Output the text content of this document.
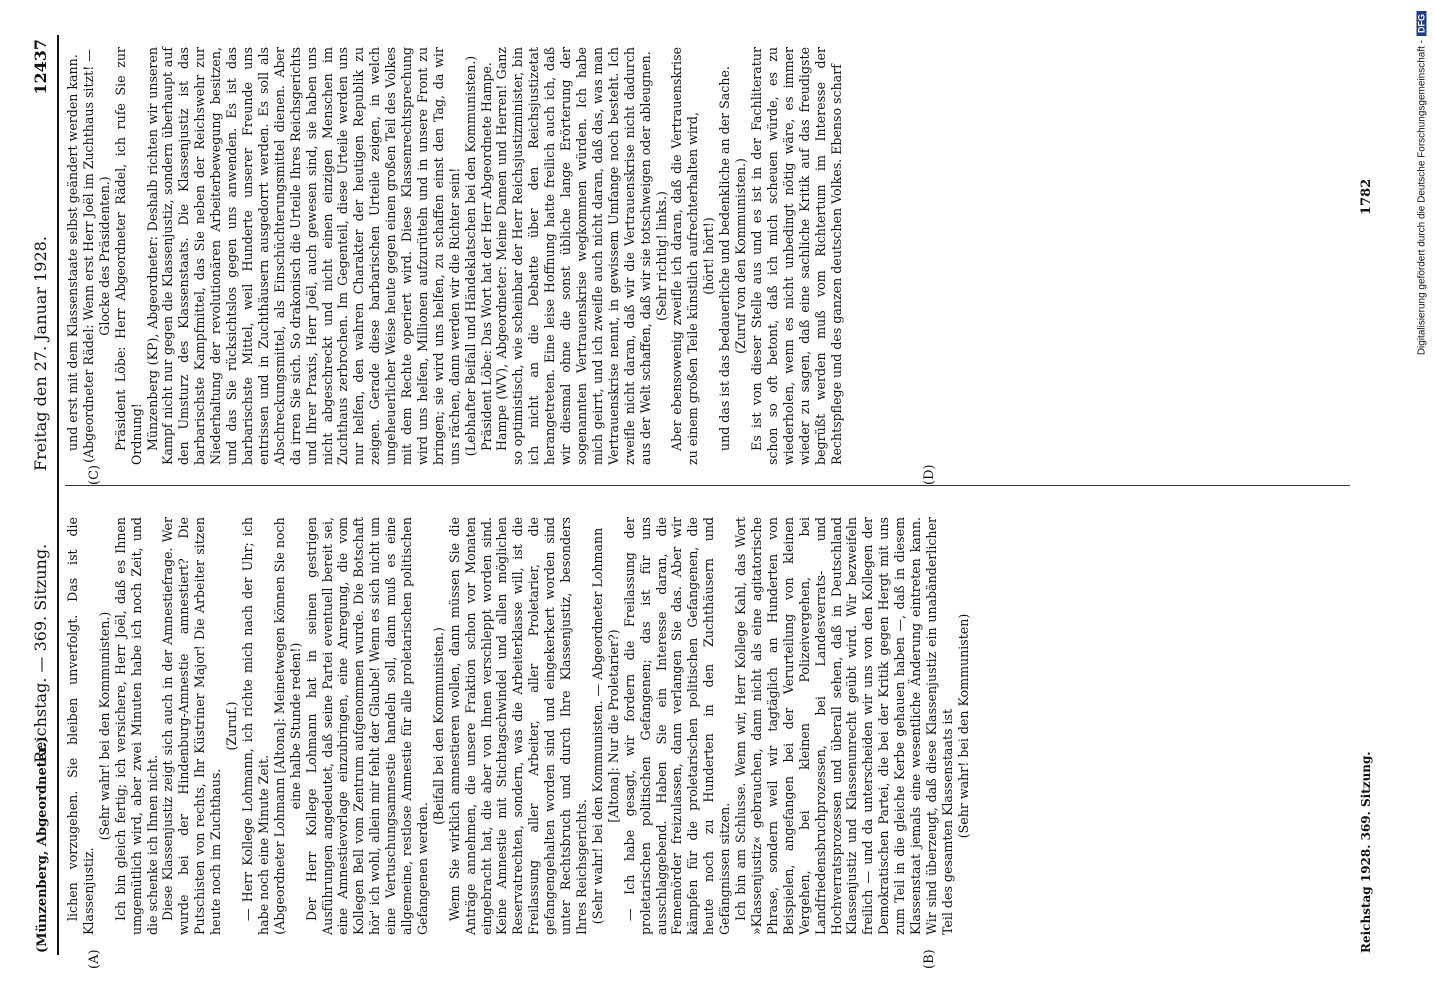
(Münzenberg, Abgeordneter.)
Reichstag. — 369. Sitzung.
Freitag den 27. Januar 1928.
12437
(A)	(B)
(C)	(D)

lichen vorzugehen. Sie bleiben unverfolgt. Das ist die Klassenjustiz.

(Sehr wahr! bei den Kommunisten.) Ich bin gleich fertig; ich versichere, Herr Joël, daß es Ihnen umgemütlich wird, aber zwei Minuten habe ich noch Zeit, und die schenke ich Ihnen nicht. Diese Klassenjustiz zeigt sich auch in der Amnestiefrage. Wer wurde bei der Hindenburg-Amnestie amnestiert? Die Putschisten von rechts, Ihr Küstriner Major! Die Arbeiter sitzen heute noch im Zuchthaus.

(Zuruf.) — Herr Kollege Lohmann, ich richte mich nach der Uhr; ich habe noch eine Minute Zeit. (Abgeordneter Lohmann [Altona]: Meinetwegen können Sie noch eine halbe Stunde reden!) Der Herr Kollege Lohmann hat in seinen gestrigen Ausführungen angedeutet, daß seine Partei eventuell bereit sei, eine Amnestievorlage einzubringen, eine Anregung, die vom Kollegen Bell vom Zentrum aufgenommen wurde. Die Botschaft hör' ich wohl, allein mir fehlt der Glaube! Wenn es sich nicht um eine Vertuschungsamnestie handeln soll, dann muß es eine allgemeine, restlose Amnestie für alle proletarischen politischen Gefangenen werden.

(Beifall bei den Kommunisten.) Wenn Sie wirklich amnestieren wollen, dann müssen Sie die Anträge annehmen, die unsere Fraktion schon vor Monaten eingebracht hat, die aber von Ihnen verschleppt worden sind. Keine Amnestie mit Stichtagschwindel und allen möglichen Reservatrechten, sondern, was die Arbeiterklasse will, ist die Freilassung aller Arbeiter, aller Proletarier, die gefangengehalten worden sind und eingekerkert worden sind unter Rechtsbruch und durch Ihre Klassenjustiz, besonders Ihres Reichsgerichts. (Sehr wahr! bei den Kommunisten. — Abgeordneter Lohmann [Altona]: Nur die Proletarier?) — Ich habe gesagt, wir fordern die Freilassung der proletarischen politischen Gefangenen; das ist für uns ausschlaggebend. Haben Sie ein Interesse daran, die Fememörder freizulassen, dann verlangen Sie das. Aber wir kämpfen für die proletarischen politischen Gefangenen, die heute noch zu Hunderten in den Zuchthäusern und Gefängnissen sitzen. Ich bin am Schlusse. Wenn wir, Herr Kollege Kahl, das Wort »Klassenjustiz« gebrauchen, dann nicht als eine agitatorische Phrase, sondern weil wir tagtäglich an Hunderten von Beispielen, angefangen bei der Verurteilung von kleinen Vergehen, bei kleinen Polizeivergehen, bei Landfriedensbruchprozessen, bei Landesverrats- und Hochverratsprozessen und überall sehen, daß in Deutschland Klassenjustiz und Klassenunrecht geübt wird. Wir bezweifeln freilich — und da unterscheiden wir uns von den Kollegen der Demokratischen Partei, die bei der Kritik gegen Hergt mit uns zum Teil in die gleiche Kerbe gehauen haben —, daß in diesem Klassenstaat jemals eine wesentliche Änderung eintreten kann. Wir sind überzeugt, daß diese Klassenjustiz ein unabänderlicher Teil des gesamten Klassenstaats ist (Sehr wahr! bei den Kommunisten)

und erst mit dem Klassenstaate selbst geändert werden kann. (Abgeordneter Rädel: Wenn erst Herr Joël im Zuchthaus sitzt! — Glocke des Präsidenten.) Präsident Löbe: Herr Abgeordneter Rädel, ich rufe Sie zur Ordnung! Münzenberg (KP), Abgeordneter: Deshalb richten wir unseren Kampf nicht nur gegen die Klassenjustiz, sondern überhaupt auf den Umsturz des Klassenstaats. Die Klassenjustiz ist das barbarischste Kampfmittel, das Sie neben der Reichswehr zur Niederhaltung der revolutionären Arbeiterbewegung besitzen, und das Sie rücksichtslos gegen uns anwenden. Es ist das barbarischste Mittel, weil Hunderte unserer Freunde uns entrissen und in Zuchthäusern ausgedorrt werden. Es soll als Abschreckungsmittel, als Einschüchterungsmittel dienen. Aber da irren Sie sich. So drakonisch die Urteile Ihres Reichsgerichts und Ihrer Praxis, Herr Joël, auch gewesen sind, sie haben uns nicht abgeschreckt und nicht einen einzigen Menschen im Zuchthaus zerbrochen. Im Gegenteil, diese Urteile werden uns nur helfen, den wahren Charakter der heutigen Republik zu zeigen. Gerade diese barbarischen Urteile zeigen, in welch ungeheuerlicher Weise heute gegen einen großen Teil des Volkes mit dem Rechte operiert wird. Diese Klassenrechtsprechung wird uns helfen, Millionen aufzurütteln und in unsere Front zu bringen; sie wird uns helfen, zu schaffen einst den Tag, da wir uns rächen, dann werden wir die Richter sein! (Lebhafter Beifall und Händeklatschen bei den Kommunisten.) Präsident Löbe: Das Wort hat der Herr Abgeordnete Hampe. Hampe (WV), Abgeordneter: Meine Damen und Herren! Ganz so optimistisch, wie scheinbar der Herr Reichsjustizminister, bin ich nicht an die Debatte über den Reichsjustizetat herangetreten. Eine leise Hoffnung hatte freilich auch ich, daß wir diesmal ohne die sonst übliche lange Erörterung der sogenannten Vertrauenskrise wegkommen würden. Ich habe mich geirrt, und ich zweifle auch nicht daran, daß das, was man Vertrauenskrise nennt, in gewissem Umfange noch besteht. Ich zweifle nicht daran, daß wir die Vertrauenskrise nicht dadurch aus der Welt schaffen, daß wir sie totschweigen oder ableugnen. (Sehr richtig! links.) Aber ebensowenig zweifle ich daran, daß die Vertrauenskrise zu einem großen Teile künstlich aufrechterhalten wird, (hört! hört!) und das ist das bedauerliche und bedenkliche an der Sache. (Zuruf von den Kommunisten.) Es ist von dieser Stelle aus und es ist in der Fachliteratur schon so oft betont, daß ich mich scheuen würde, es zu wiederholen, wenn es nicht unbedingt nötig wäre, es immer wieder zu sagen, daß eine sachliche Kritik auf das freudigste begrüßt werden muß vom Richtertum im Interesse der Rechtspflege und des ganzen deutschen Volkes. Ebenso scharf

Reichstag 1928. 369. Sitzung.
1782	Digitalisierung gefördert durch die Deutsche Forschungsgemeinschaft -DFG
